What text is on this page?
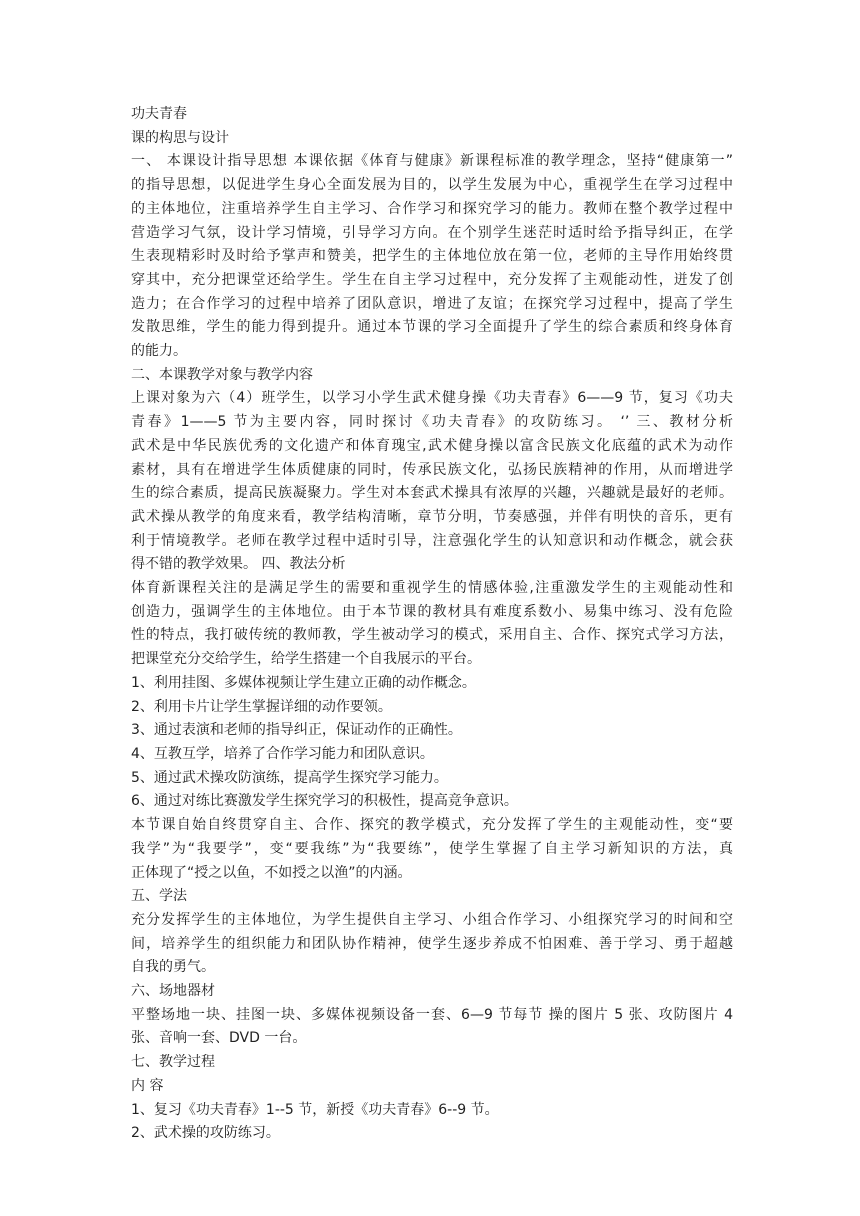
功夫青春
课的构思与设计
一、 本课设计指导思想 本课依据《体育与健康》新课程标准的教学理念，坚持“健康第一”
的指导思想，以促进学生身心全面发展为目的，以学生发展为中心，重视学生在学习过程中
的主体地位，注重培养学生自主学习、合作学习和探究学习的能力。教师在整个教学过程中
营造学习气氛，设计学习情境，引导学习方向。在个别学生迷茫时适时给予指导纠正，在学
生表现精彩时及时给予掌声和赞美，把学生的主体地位放在第一位，老师的主导作用始终贯
穿其中，充分把课堂还给学生。学生在自主学习过程中，充分发挥了主观能动性，迸发了创
造力；在合作学习的过程中培养了团队意识，增进了友谊；在探究学习过程中，提高了学生
发散思维，学生的能力得到提升。通过本节课的学习全面提升了学生的综合素质和终身体育
的能力。
二、本课教学对象与教学内容
上课对象为六（4）班学生，以学习小学生武术健身操《功夫青春》6——9 节，复习《功夫
青春》1——5 节为主要内容，同时探讨《功夫青春》的攻防练习。 ‘’ 三、教材分析
武术是中华民族优秀的文化遗产和体育瑰宝,武术健身操以富含民族文化底蕴的武术为动作
素材，具有在增进学生体质健康的同时，传承民族文化，弘扬民族精神的作用，从而增进学
生的综合素质，提高民族凝聚力。学生对本套武术操具有浓厚的兴趣，兴趣就是最好的老师。
武术操从教学的角度来看，教学结构清晰，章节分明，节奏感强，并伴有明快的音乐，更有
利于情境教学。老师在教学过程中适时引导，注意强化学生的认知意识和动作概念，就会获
得不错的教学效果。 四、教法分析
体育新课程关注的是满足学生的需要和重视学生的情感体验,注重激发学生的主观能动性和
创造力，强调学生的主体地位。由于本节课的教材具有难度系数小、易集中练习、没有危险
性的特点，我打破传统的教师教，学生被动学习的模式，采用自主、合作、探究式学习方法，
把课堂充分交给学生，给学生搭建一个自我展示的平台。
1、利用挂图、多媒体视频让学生建立正确的动作概念。
2、利用卡片让学生掌握详细的动作要领。
3、通过表演和老师的指导纠正，保证动作的正确性。
4、互教互学，培养了合作学习能力和团队意识。
5、通过武术操攻防演练，提高学生探究学习能力。
6、通过对练比赛激发学生探究学习的积极性，提高竞争意识。
本节课自始自终贯穿自主、合作、探究的教学模式，充分发挥了学生的主观能动性，变“要
我学”为“我要学”，变“要我练”为“我要练”，使学生掌握了自主学习新知识的方法，真
正体现了“授之以鱼，不如授之以渔”的内涵。
五、学法
充分发挥学生的主体地位，为学生提供自主学习、小组合作学习、小组探究学习的时间和空
间，培养学生的组织能力和团队协作精神，使学生逐步养成不怕困难、善于学习、勇于超越
自我的勇气。
六、场地器材
平整场地一块、挂图一块、多媒体视频设备一套、6—9 节每节 操的图片 5 张、攻防图片 4
张、音响一套、DVD 一台。
七、教学过程
内 容
1、复习《功夫青春》1--5 节，新授《功夫青春》6--9 节。
2、武术操的攻防练习。
